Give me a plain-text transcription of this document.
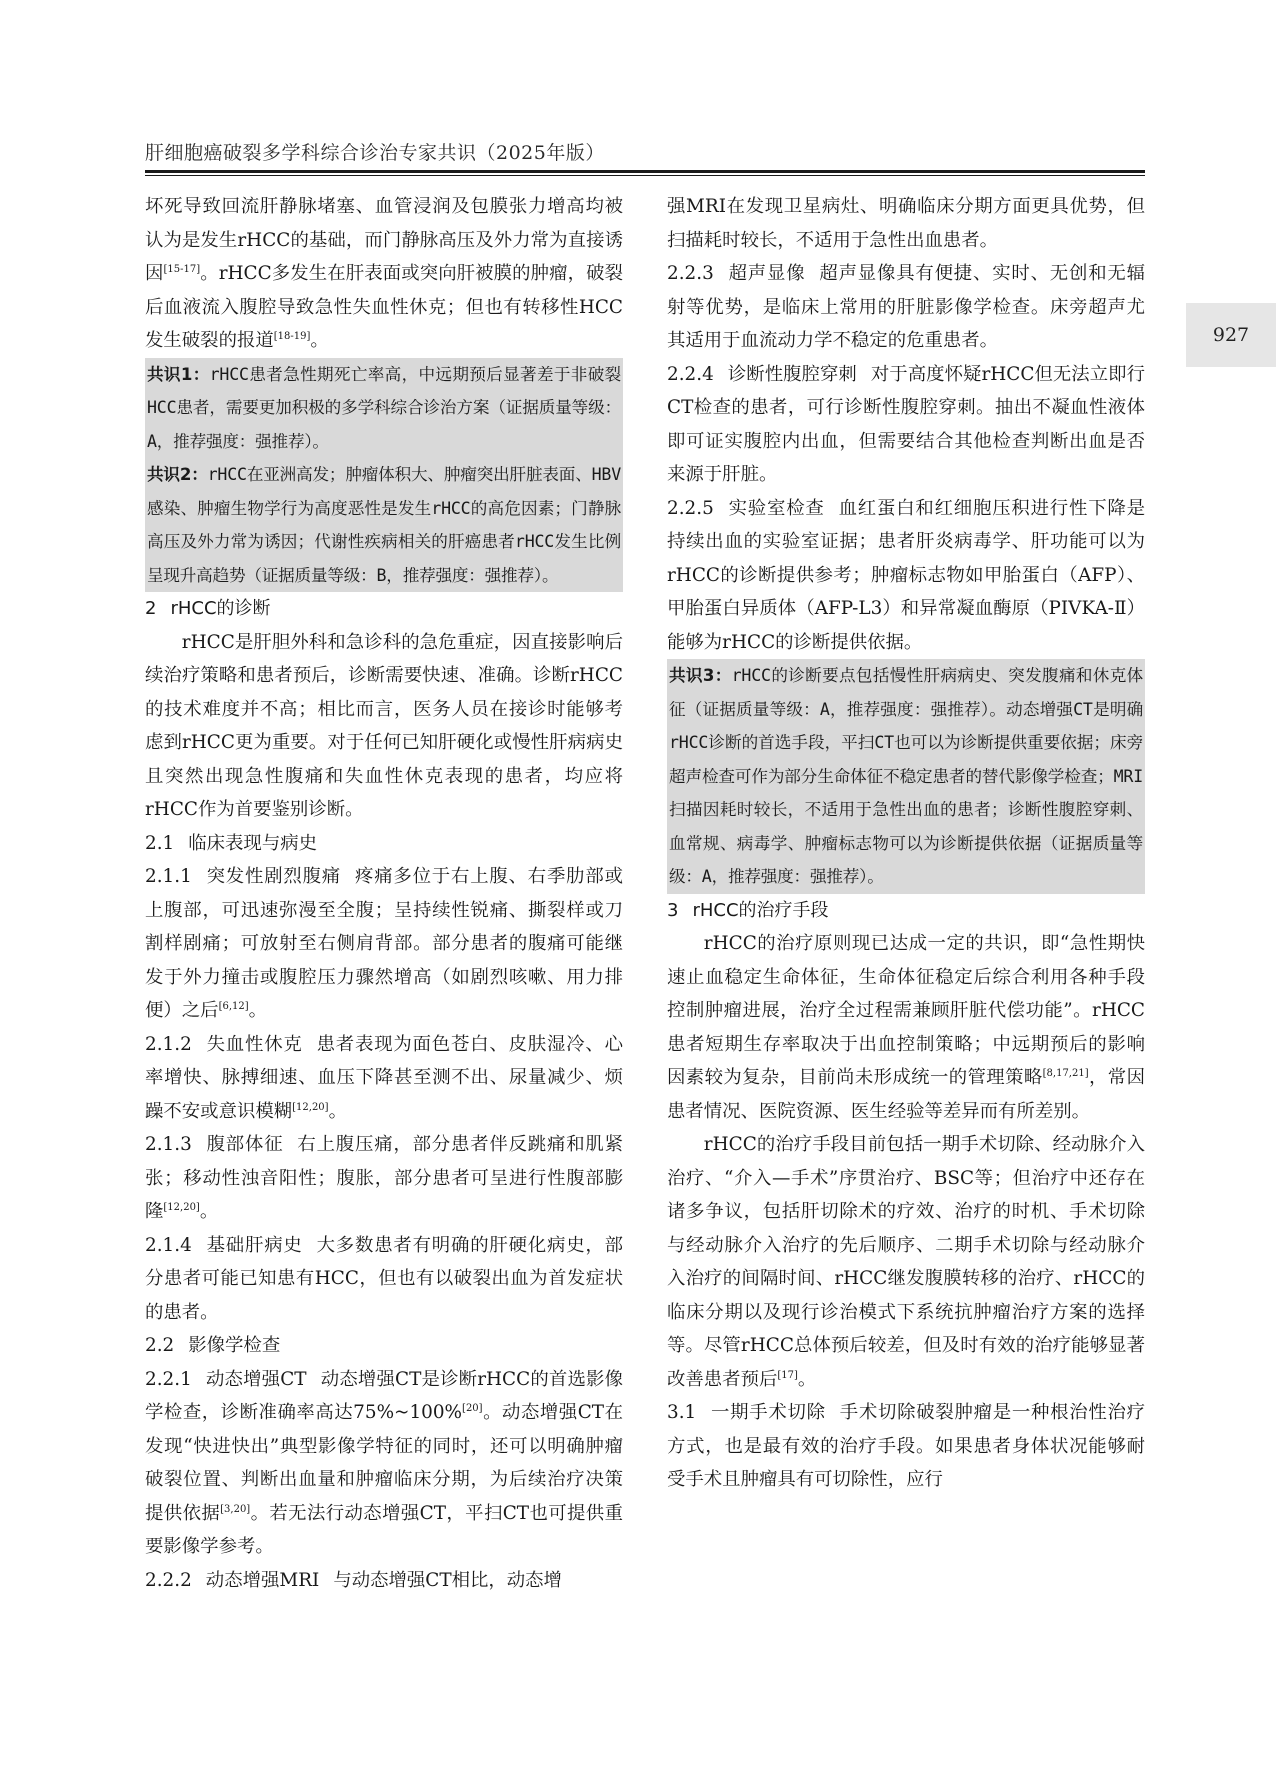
肝细胞癌破裂多学科综合诊治专家共识（2025年版）
927

坏死导致回流肝静脉堵塞、血管浸润及包膜张力增高均被认为是发生rHCC的基础，而门静脉高压及外力常为直接诱因[15-17]。rHCC多发生在肝表面或突向肝被膜的肿瘤，破裂后血液流入腹腔导致急性失血性休克；但也有转移性HCC发生破裂的报道[18-19]。

共识1：rHCC患者急性期死亡率高，中远期预后显著差于非破裂HCC患者，需要更加积极的多学科综合诊治方案（证据质量等级：A，推荐强度：强推荐）。

共识2：rHCC在亚洲高发；肿瘤体积大、肿瘤突出肝脏表面、HBV感染、肿瘤生物学行为高度恶性是发生rHCC的高危因素；门静脉高压及外力常为诱因；代谢性疾病相关的肝癌患者rHCC发生比例呈现升高趋势（证据质量等级：B，推荐强度：强推荐）。

2 rHCC的诊断

rHCC是肝胆外科和急诊科的急危重症，因直接影响后续治疗策略和患者预后，诊断需要快速、准确。诊断rHCC的技术难度并不高；相比而言，医务人员在接诊时能够考虑到rHCC更为重要。对于任何已知肝硬化或慢性肝病病史且突然出现急性腹痛和失血性休克表现的患者，均应将rHCC作为首要鉴别诊断。

2.1 临床表现与病史

2.1.1 突发性剧烈腹痛 疼痛多位于右上腹、右季肋部或上腹部，可迅速弥漫至全腹；呈持续性锐痛、撕裂样或刀割样剧痛；可放射至右侧肩背部。部分患者的腹痛可能继发于外力撞击或腹腔压力骤然增高（如剧烈咳嗽、用力排便）之后[6,12]。

2.1.2 失血性休克 患者表现为面色苍白、皮肤湿冷、心率增快、脉搏细速、血压下降甚至测不出、尿量减少、烦躁不安或意识模糊[12,20]。

2.1.3 腹部体征 右上腹压痛，部分患者伴反跳痛和肌紧张；移动性浊音阳性；腹胀，部分患者可呈进行性腹部膨隆[12,20]。

2.1.4 基础肝病史 大多数患者有明确的肝硬化病史，部分患者可能已知患有HCC，但也有以破裂出血为首发症状的患者。

2.2 影像学检查

2.2.1 动态增强CT 动态增强CT是诊断rHCC的首选影像学检查，诊断准确率高达75%~100%[20]。动态增强CT在发现“快进快出”典型影像学特征的同时，还可以明确肿瘤破裂位置、判断出血量和肿瘤临床分期，为后续治疗决策提供依据[3,20]。若无法行动态增强CT，平扫CT也可提供重要影像学参考。

2.2.2 动态增强MRI 与动态增强CT相比，动态增

强MRI在发现卫星病灶、明确临床分期方面更具优势，但扫描耗时较长，不适用于急性出血患者。

2.2.3 超声显像 超声显像具有便捷、实时、无创和无辐射等优势，是临床上常用的肝脏影像学检查。床旁超声尤其适用于血流动力学不稳定的危重患者。

2.2.4 诊断性腹腔穿刺 对于高度怀疑rHCC但无法立即行CT检查的患者，可行诊断性腹腔穿刺。抽出不凝血性液体即可证实腹腔内出血，但需要结合其他检查判断出血是否来源于肝脏。

2.2.5 实验室检查 血红蛋白和红细胞压积进行性下降是持续出血的实验室证据；患者肝炎病毒学、肝功能可以为rHCC的诊断提供参考；肿瘤标志物如甲胎蛋白（AFP）、甲胎蛋白异质体（AFP-L3）和异常凝血酶原（PIVKA-Ⅱ）能够为rHCC的诊断提供依据。

共识3：rHCC的诊断要点包括慢性肝病病史、突发腹痛和休克体征（证据质量等级：A，推荐强度：强推荐）。动态增强CT是明确rHCC诊断的首选手段，平扫CT也可以为诊断提供重要依据；床旁超声检查可作为部分生命体征不稳定患者的替代影像学检查；MRI扫描因耗时较长，不适用于急性出血的患者；诊断性腹腔穿刺、血常规、病毒学、肿瘤标志物可以为诊断提供依据（证据质量等级：A，推荐强度：强推荐）。

3 rHCC的治疗手段

rHCC的治疗原则现已达成一定的共识，即“急性期快速止血稳定生命体征，生命体征稳定后综合利用各种手段控制肿瘤进展，治疗全过程需兼顾肝脏代偿功能”。rHCC患者短期生存率取决于出血控制策略；中远期预后的影响因素较为复杂，目前尚未形成统一的管理策略[8,17,21]，常因患者情况、医院资源、医生经验等差异而有所差别。

rHCC的治疗手段目前包括一期手术切除、经动脉介入治疗、“介入—手术”序贯治疗、BSC等；但治疗中还存在诸多争议，包括肝切除术的疗效、治疗的时机、手术切除与经动脉介入治疗的先后顺序、二期手术切除与经动脉介入治疗的间隔时间、rHCC继发腹膜转移的治疗、rHCC的临床分期以及现行诊治模式下系统抗肿瘤治疗方案的选择等。尽管rHCC总体预后较差，但及时有效的治疗能够显著改善患者预后[17]。

3.1 一期手术切除 手术切除破裂肿瘤是一种根治性治疗方式，也是最有效的治疗手段。如果患者身体状况能够耐受手术且肿瘤具有可切除性，应行
